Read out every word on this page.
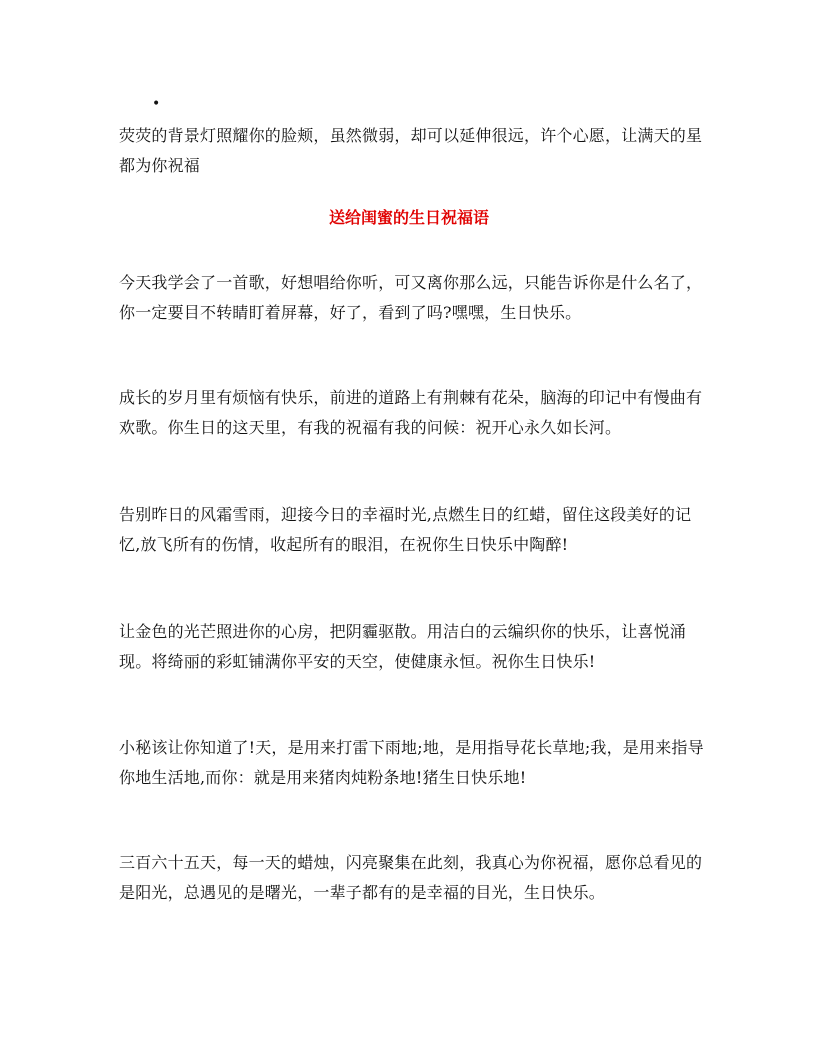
•

荧荧的背景灯照耀你的脸颊，虽然微弱，却可以延伸很远，许个心愿，让满天的星都为你祝福

送给闺蜜的生日祝福语

今天我学会了一首歌，好想唱给你听，可又离你那么远，只能告诉你是什么名了，你一定要目不转睛盯着屏幕，好了，看到了吗?嘿嘿，生日快乐。

成长的岁月里有烦恼有快乐，前进的道路上有荆棘有花朵，脑海的印记中有慢曲有欢歌。你生日的这天里，有我的祝福有我的问候：祝开心永久如长河。

告别昨日的风霜雪雨，迎接今日的幸福时光,点燃生日的红蜡，留住这段美好的记忆,放飞所有的伤情，收起所有的眼泪，在祝你生日快乐中陶醉!

让金色的光芒照进你的心房，把阴霾驱散。用洁白的云编织你的快乐，让喜悦涌现。将绮丽的彩虹铺满你平安的天空，使健康永恒。祝你生日快乐!

小秘该让你知道了!天，是用来打雷下雨地;地，是用指导花长草地;我，是用来指导你地生活地,而你：就是用来猪肉炖粉条地!猪生日快乐地!

三百六十五天，每一天的蜡烛，闪亮聚集在此刻，我真心为你祝福，愿你总看见的是阳光，总遇见的是曙光，一辈子都有的是幸福的目光，生日快乐。
